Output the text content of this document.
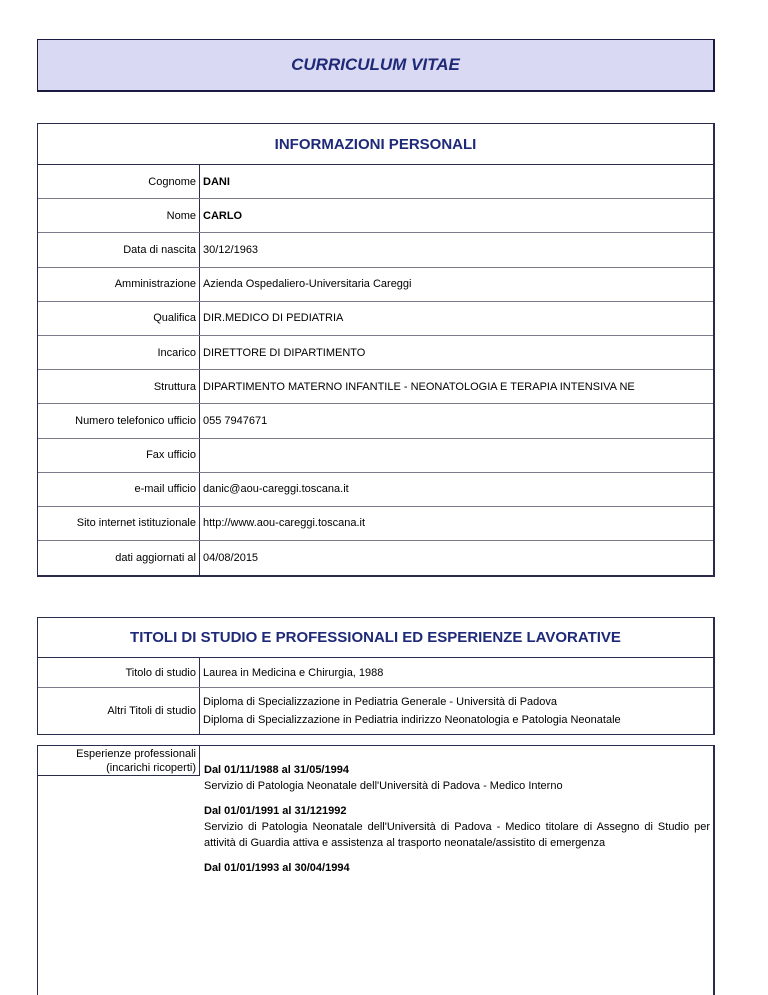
CURRICULUM VITAE
INFORMAZIONI PERSONALI
Cognome DANI
Nome CARLO
Data di nascita 30/12/1963
Amministrazione Azienda Ospedaliero-Universitaria Careggi
Qualifica DIR.MEDICO DI PEDIATRIA
Incarico DIRETTORE DI DIPARTIMENTO
Struttura DIPARTIMENTO MATERNO INFANTILE - NEONATOLOGIA E TERAPIA INTENSIVA NE
Numero telefonico ufficio 055 7947671
Fax ufficio
e-mail ufficio danic@aou-careggi.toscana.it
Sito internet istituzionale http://www.aou-careggi.toscana.it
dati aggiornati al 04/08/2015
TITOLI DI STUDIO E PROFESSIONALI ED ESPERIENZE LAVORATIVE
Titolo di studio Laurea in Medicina e Chirurgia, 1988
Altri Titoli di studio
Diploma di Specializzazione in Pediatria Generale - Università di Padova
Diploma di Specializzazione in Pediatria indirizzo Neonatologia e Patologia Neonatale
Esperienze professionali
(incarichi ricoperti) Dal 01/11/1988 al 31/05/1994
Servizio di Patologia Neonatale dell'Università di Padova - Medico Interno
Dal 01/01/1991 al 31/121992
Servizio di Patologia Neonatale dell'Università di Padova - Medico titolare di Assegno di Studio per attività di Guardia attiva e assistenza al trasporto neonatale/assistito di emergenza
Dal 01/01/1993 al 30/04/1994
